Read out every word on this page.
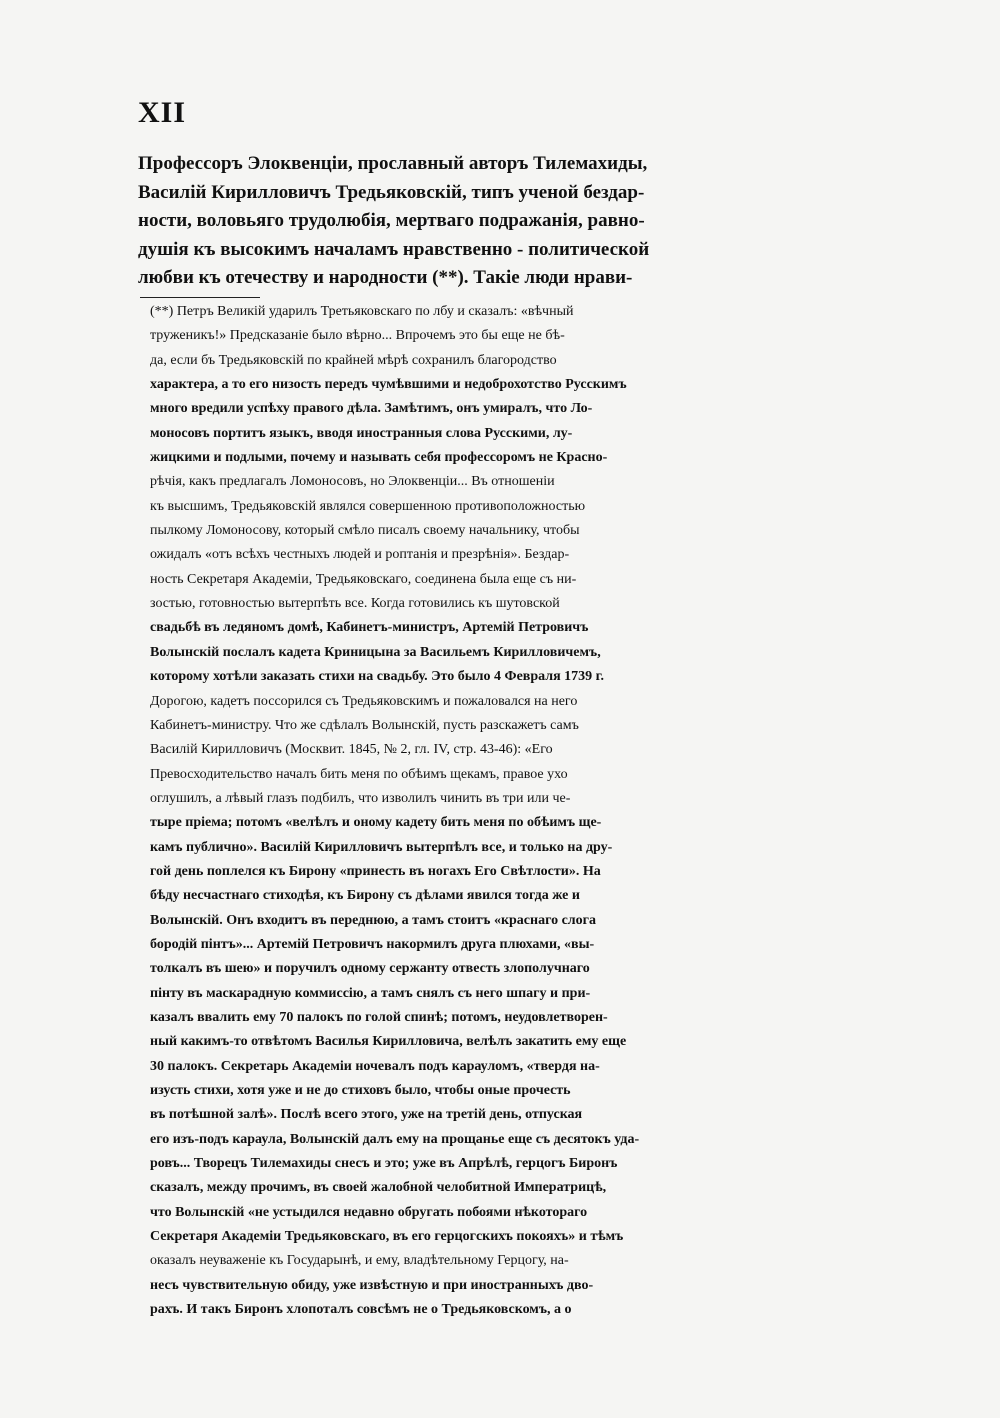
XII
Профессоръ Элоквенціи, прославный авторъ Тилемахиды,
Василій Кирилловичъ Тредьяковскій, типъ ученой бездар-
ности, воловьяго трудолюбія, мертваго подражанія, равно-
душія къ высокимъ началамъ нравственно - политической
любви къ отечеству и народности (**). Такіе люди нрави-
(**) Петръ Великій ударилъ Третьяковскаго по лбу и сказалъ: «вѣчный
труженикъ!» Предсказаніе было вѣрно... Впрочемъ это бы еще не бѣ-
да, если бъ Тредьяковскій по крайней мѣрѣ сохранилъ благородство
характера, а то его низость передъ чумѣвшими и недоброхотство Русскимъ
много вредили успѣху правого дѣла. Замѣтимъ, онъ умиралъ, что Ло-
моносовъ портитъ языкъ, вводя иностранныя слова Русскими, лу-
жицкими и подлыми, почему и называть себя профессоромъ не Красно-
рѣчія, какъ предлагалъ Ломоносовъ, но Элоквенціи... Въ отношеніи
къ высшимъ, Тредьяковскій являлся совершенною противоположностью
пылкому Ломоносову, который смѣло писалъ своему начальнику, чтобы
ожидалъ «отъ всѣхъ честныхъ людей и роптанія и презрѣнія». Бездар-
ность Секретаря Академіи, Тредьяковскаго, соединена была еще съ ни-
зостью, готовностью вытерпѣть все. Когда готовились къ шутовской
свадьбѣ въ ледяномъ домѣ, Кабинетъ-министръ, Артемій Петровичъ
Волынскій послалъ кадета Криницына за Васильемъ Кирилловичемъ,
которому хотѣли заказать стихи на свадьбу. Это было 4 Февраля 1739 г.
Дорогою, кадетъ поссорился съ Тредьяковскимъ и пожаловался на него
Кабинетъ-министру. Что же сдѣлалъ Волынскій, пусть разскажетъ самъ
Василій Кирилловичъ (Москвит. 1845, № 2, гл. IV, стр. 43-46): «Его
Превосходительство началъ бить меня по обѣимъ щекамъ, правое ухо
оглушилъ, а лѣвый глазъ подбилъ, что изволилъ чинить въ три или че-
тыре пріема; потомъ «велѣлъ и оному кадету бить меня по обѣимъ ще-
камъ публично». Василій Кирилловичъ вытерпѣлъ все, и только на дру-
гой день поплелся къ Бирону «принесть въ ногахъ Его Свѣтлости». На
бѣду несчастнаго стиходѣя, къ Бирону съ дѣлами явился тогда же и
Волынскій. Онъ входитъ въ переднюю, а тамъ стоитъ «краснаго слога
бородій пінтъ»... Артемій Петровичъ накормилъ друга плюхами, «вы-
толкалъ въ шею» и поручилъ одному сержанту отвесть злополучнаго
пінту въ маскарадную коммиссію, а тамъ снялъ съ него шпагу и при-
казалъ ввалить ему 70 палокъ по голой спинѣ; потомъ, неудовлетворен-
ный какимъ-то отвѣтомъ Василья Кирилловича, велѣлъ закатить ему еще
30 палокъ. Секретарь Академіи ночевалъ подъ карауломъ, «твердя на-
изусть стихи, хотя уже и не до стиховъ было, чтобы оные прочесть
въ потѣшной залѣ». Послѣ всего этого, уже на третій день, отпуская
его изъ-подъ караула, Волынскій далъ ему на прощанье еще съ десятокъ уда-
ровъ... Творецъ Тилемахиды снесъ и это; уже въ Апрѣлѣ, герцогъ Биронъ
сказалъ, между прочимъ, въ своей жалобной челобитной Императрицѣ,
что Волынскій «не устыдился недавно обругать побоями нѣкотораго
Секретаря Академіи Тредьяковскаго, въ его герцогскихъ покояхъ» и тѣмъ
оказалъ неуваженіе къ Государынѣ, и ему, владѣтельному Герцогу, на-
несъ чувствительную обиду, уже извѣстную и при иностранныхъ дво-
рахъ. И такъ Биронъ хлопоталъ совсѣмъ не о Тредьяковскомъ, а о
